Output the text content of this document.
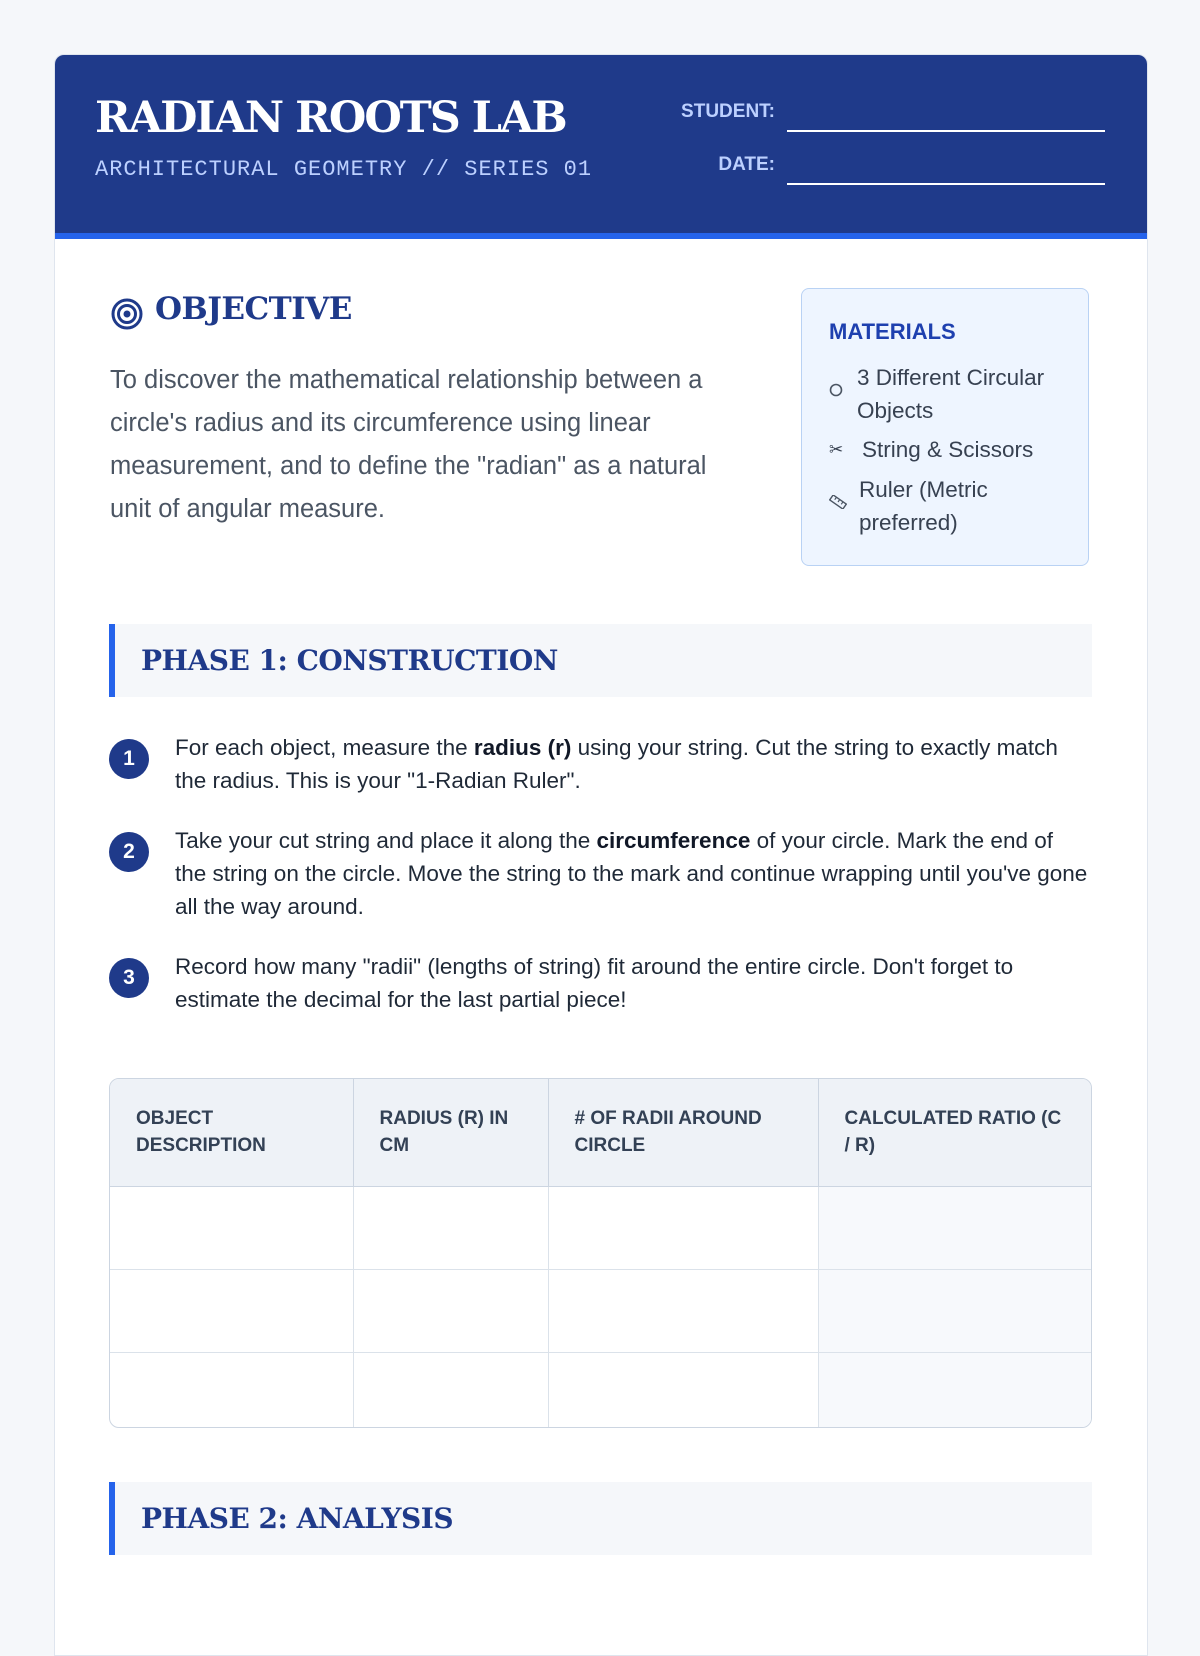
RADIAN ROOTS LAB
ARCHITECTURAL GEOMETRY // SERIES 01
STUDENT:
DATE:
OBJECTIVE

To discover the mathematical relationship between a circle's radius and its circumference using linear measurement, and to define the "radian" as a natural unit of angular measure.

MATERIALS
3 Different Circular Objects
✂ String & Scissors
Ruler (Metric preferred)
PHASE 1: CONSTRUCTION
1	For each object, measure the radius (r) using your string. Cut the string to exactly match the radius. This is your "1-Radian Ruler".

2	Take your cut string and place it along the circumference of your circle. Mark the end of the string on the circle. Move the string to the mark and continue wrapping until you've gone all the way around.

3	Record how many "radii" (lengths of string) fit around the entire circle. Don't forget to estimate the decimal for the last partial piece!

OBJECT DESCRIPTION	RADIUS (R) IN CM	# OF RADII AROUND CIRCLE	CALCULATED RATIO (C / R)

PHASE 2: ANALYSIS
